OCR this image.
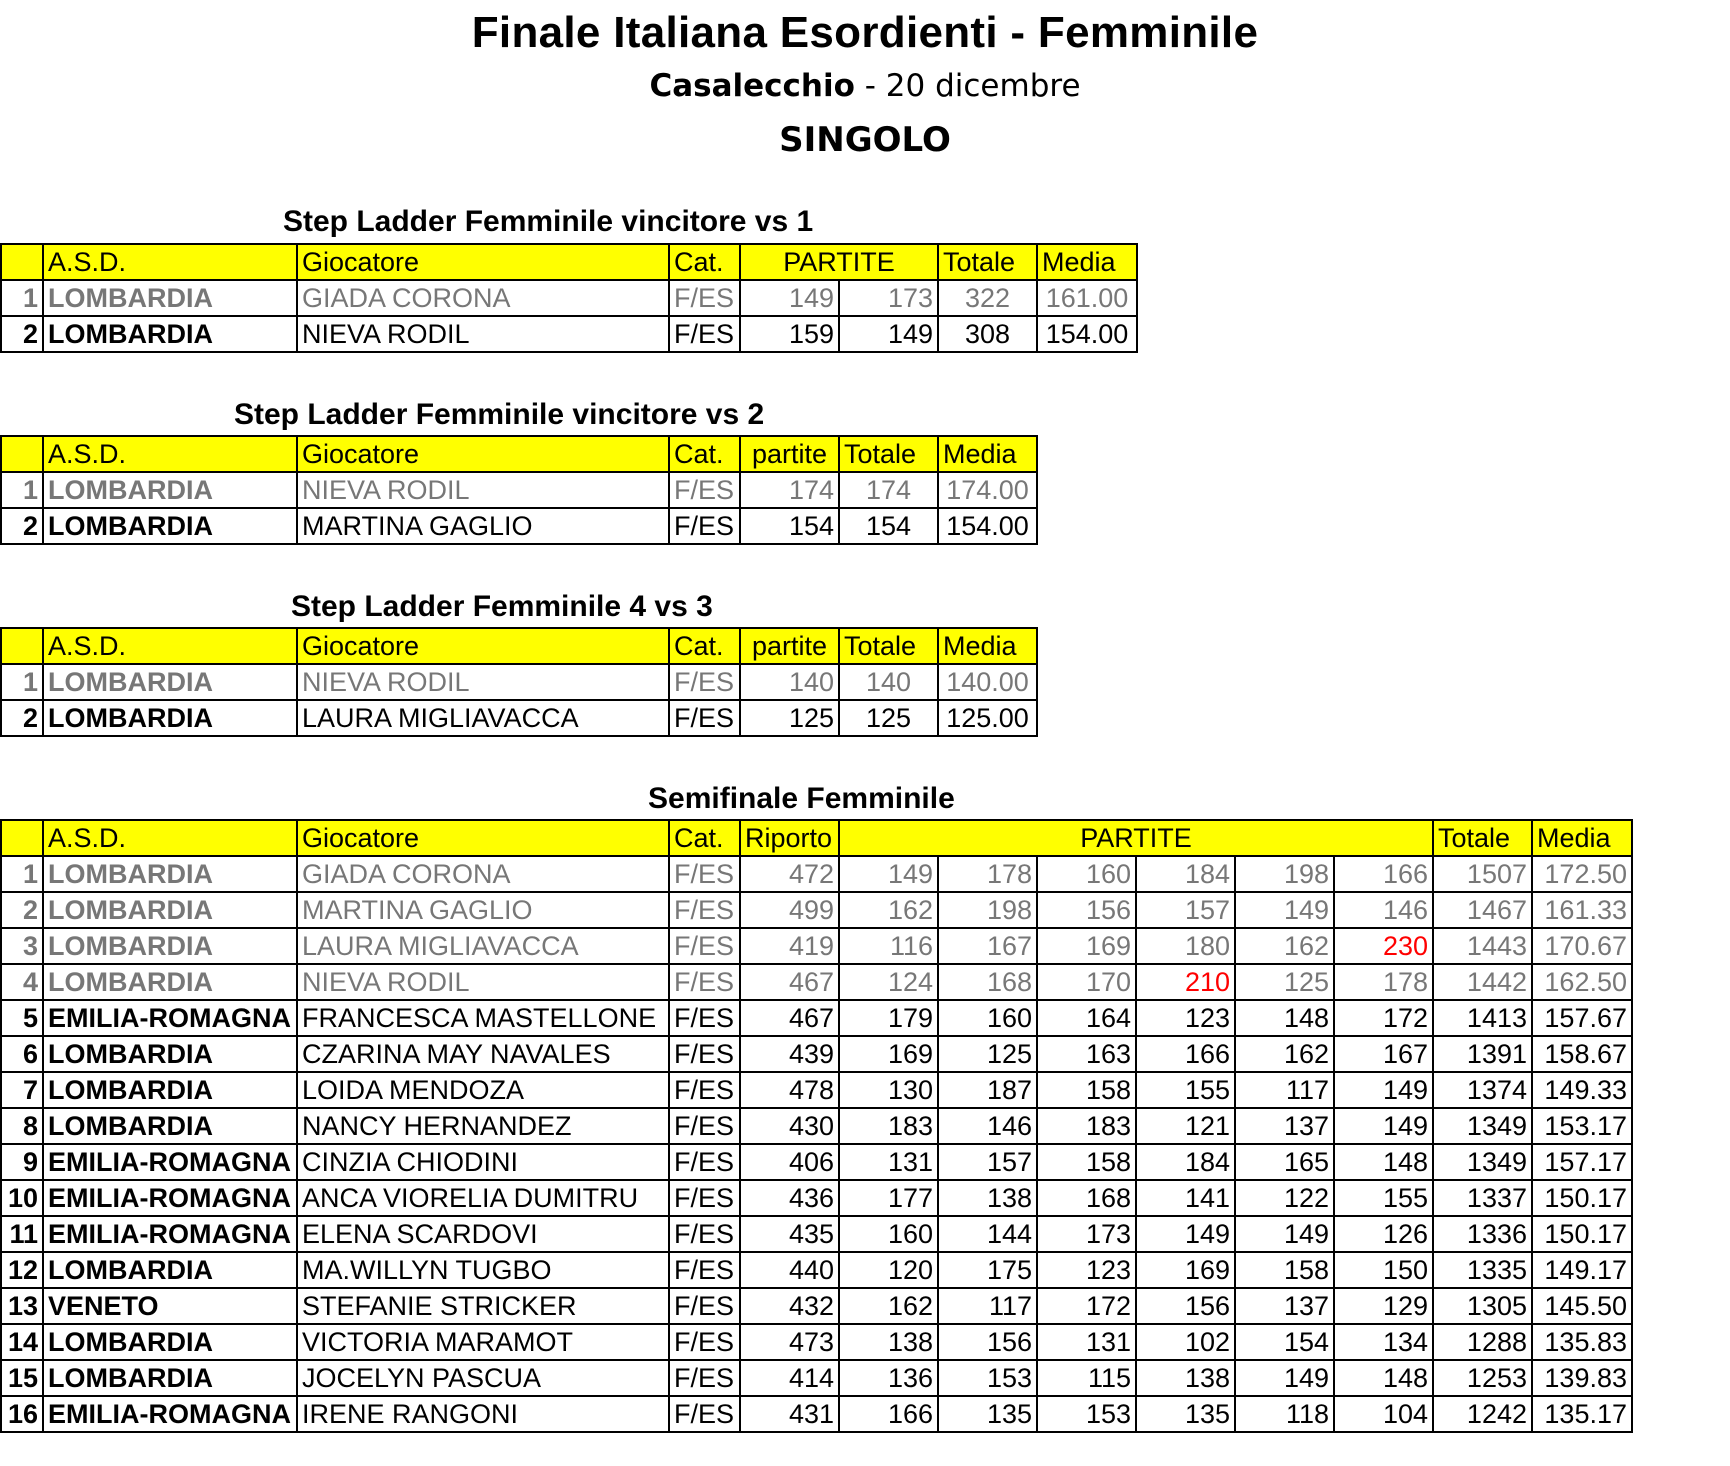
Finale Italiana Esordienti - Femminile
Casalecchio - 20 dicembre
SINGOLO
Step Ladder Femminile vincitore vs 1
	A.S.D.	Giocatore	Cat.	PARTITE		Totale	Media
1	LOMBARDIA	GIADA CORONA	F/ES	149	173	322	161.00
2	LOMBARDIA	NIEVA RODIL	F/ES	159	149	308	154.00
Step Ladder Femminile vincitore vs 2
	A.S.D.	Giocatore	Cat.	partite	Totale	Media
1	LOMBARDIA	NIEVA RODIL	F/ES	174	174	174.00
2	LOMBARDIA	MARTINA GAGLIO	F/ES	154	154	154.00
Step Ladder Femminile 4 vs 3
	A.S.D.	Giocatore	Cat.	partite	Totale	Media
1	LOMBARDIA	NIEVA RODIL	F/ES	140	140	140.00
2	LOMBARDIA	LAURA MIGLIAVACCA	F/ES	125	125	125.00
Semifinale Femminile
	A.S.D.	Giocatore	Cat.	Riporto	PARTITE						Totale	Media
1	LOMBARDIA	GIADA CORONA	F/ES	472	149	178	160	184	198	166	1507	172.50
2	LOMBARDIA	MARTINA GAGLIO	F/ES	499	162	198	156	157	149	146	1467	161.33
3	LOMBARDIA	LAURA MIGLIAVACCA	F/ES	419	116	167	169	180	162	230	1443	170.67
4	LOMBARDIA	NIEVA RODIL	F/ES	467	124	168	170	210	125	178	1442	162.50
5	EMILIA-ROMAGNA	FRANCESCA MASTELLONE	F/ES	467	179	160	164	123	148	172	1413	157.67
6	LOMBARDIA	CZARINA MAY NAVALES	F/ES	439	169	125	163	166	162	167	1391	158.67
7	LOMBARDIA	LOIDA MENDOZA	F/ES	478	130	187	158	155	117	149	1374	149.33
8	LOMBARDIA	NANCY HERNANDEZ	F/ES	430	183	146	183	121	137	149	1349	153.17
9	EMILIA-ROMAGNA	CINZIA CHIODINI	F/ES	406	131	157	158	184	165	148	1349	157.17
10	EMILIA-ROMAGNA	ANCA VIORELIA DUMITRU	F/ES	436	177	138	168	141	122	155	1337	150.17
11	EMILIA-ROMAGNA	ELENA SCARDOVI	F/ES	435	160	144	173	149	149	126	1336	150.17
12	LOMBARDIA	MA.WILLYN TUGBO	F/ES	440	120	175	123	169	158	150	1335	149.17
13	VENETO	STEFANIE STRICKER	F/ES	432	162	117	172	156	137	129	1305	145.50
14	LOMBARDIA	VICTORIA MARAMOT	F/ES	473	138	156	131	102	154	134	1288	135.83
15	LOMBARDIA	JOCELYN PASCUA	F/ES	414	136	153	115	138	149	148	1253	139.83
16	EMILIA-ROMAGNA	IRENE RANGONI	F/ES	431	166	135	153	135	118	104	1242	135.17
